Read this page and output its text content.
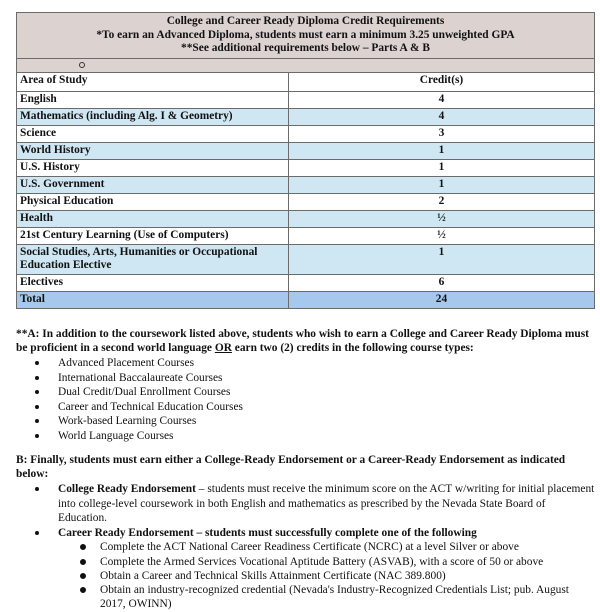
College and Career Ready Diploma Credit Requirements
*To earn an Advanced Diploma, students must earn a minimum 3.25 unweighted GPA
**See additional requirements below – Parts A & B	

Area of Study	Credit(s)
English	4
Mathematics (including Alg. I & Geometry)	4
Science	3
World History	1
U.S. History	1
U.S. Government	1
Physical Education	2
Health	½
21st Century Learning (Use of Computers)	½
Social Studies, Arts, Humanities or Occupational Education Elective	1
Electives	6
Total	24
**A: In addition to the coursework listed above, students who wish to earn a College and Career Ready Diploma must be proficient in a second world language OR earn two (2) credits in the following course types:
Advanced Placement Courses
International Baccalaureate Courses
Dual Credit/Dual Enrollment Courses
Career and Technical Education Courses
Work-based Learning Courses
World Language Courses
B: Finally, students must earn either a College-Ready Endorsement or a Career-Ready Endorsement as indicated below:
College Ready Endorsement – students must receive the minimum score on the ACT w/writing for initial placement into college-level coursework in both English and mathematics as prescribed by the Nevada State Board of Education.
Career Ready Endorsement – students must successfully complete one of the following
Complete the ACT National Career Readiness Certificate (NCRC) at a level Silver or above
Complete the Armed Services Vocational Aptitude Battery (ASVAB), with a score of 50 or above
Obtain a Career and Technical Skills Attainment Certificate (NAC 389.800)
Obtain an industry-recognized credential (Nevada's Industry-Recognized Credentials List; pub. August 2017, OWINN)
